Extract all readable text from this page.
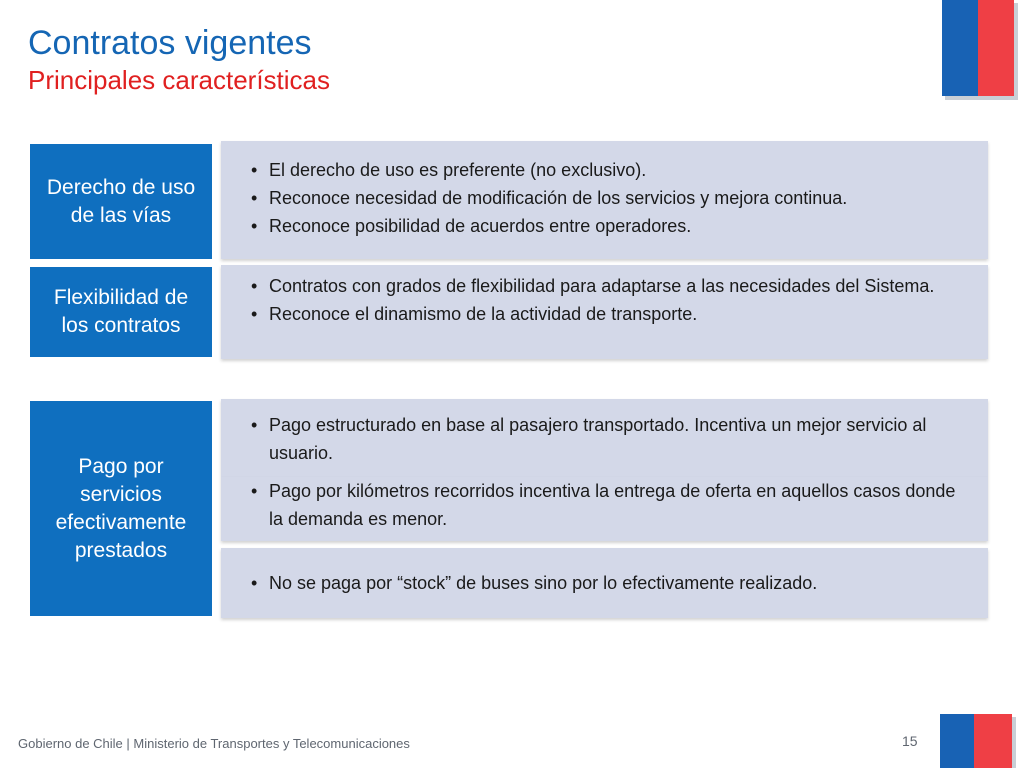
Contratos vigentes
Principales características
Derecho de uso de las vías
• El derecho de uso es preferente (no exclusivo).
• Reconoce necesidad de modificación de los servicios y mejora continua.
• Reconoce posibilidad de acuerdos entre operadores.
Flexibilidad de los contratos
• Contratos con grados de flexibilidad para adaptarse a las necesidades del Sistema.
• Reconoce el dinamismo de la actividad de transporte.
Pago por servicios efectivamente prestados
• Pago estructurado en base al pasajero transportado. Incentiva un mejor servicio al usuario.
• Pago por kilómetros recorridos incentiva la entrega de oferta en aquellos casos donde la demanda es menor.
• No se paga por “stock” de buses sino por lo efectivamente realizado.
Gobierno de Chile | Ministerio de Transportes y Telecomunicaciones	15
